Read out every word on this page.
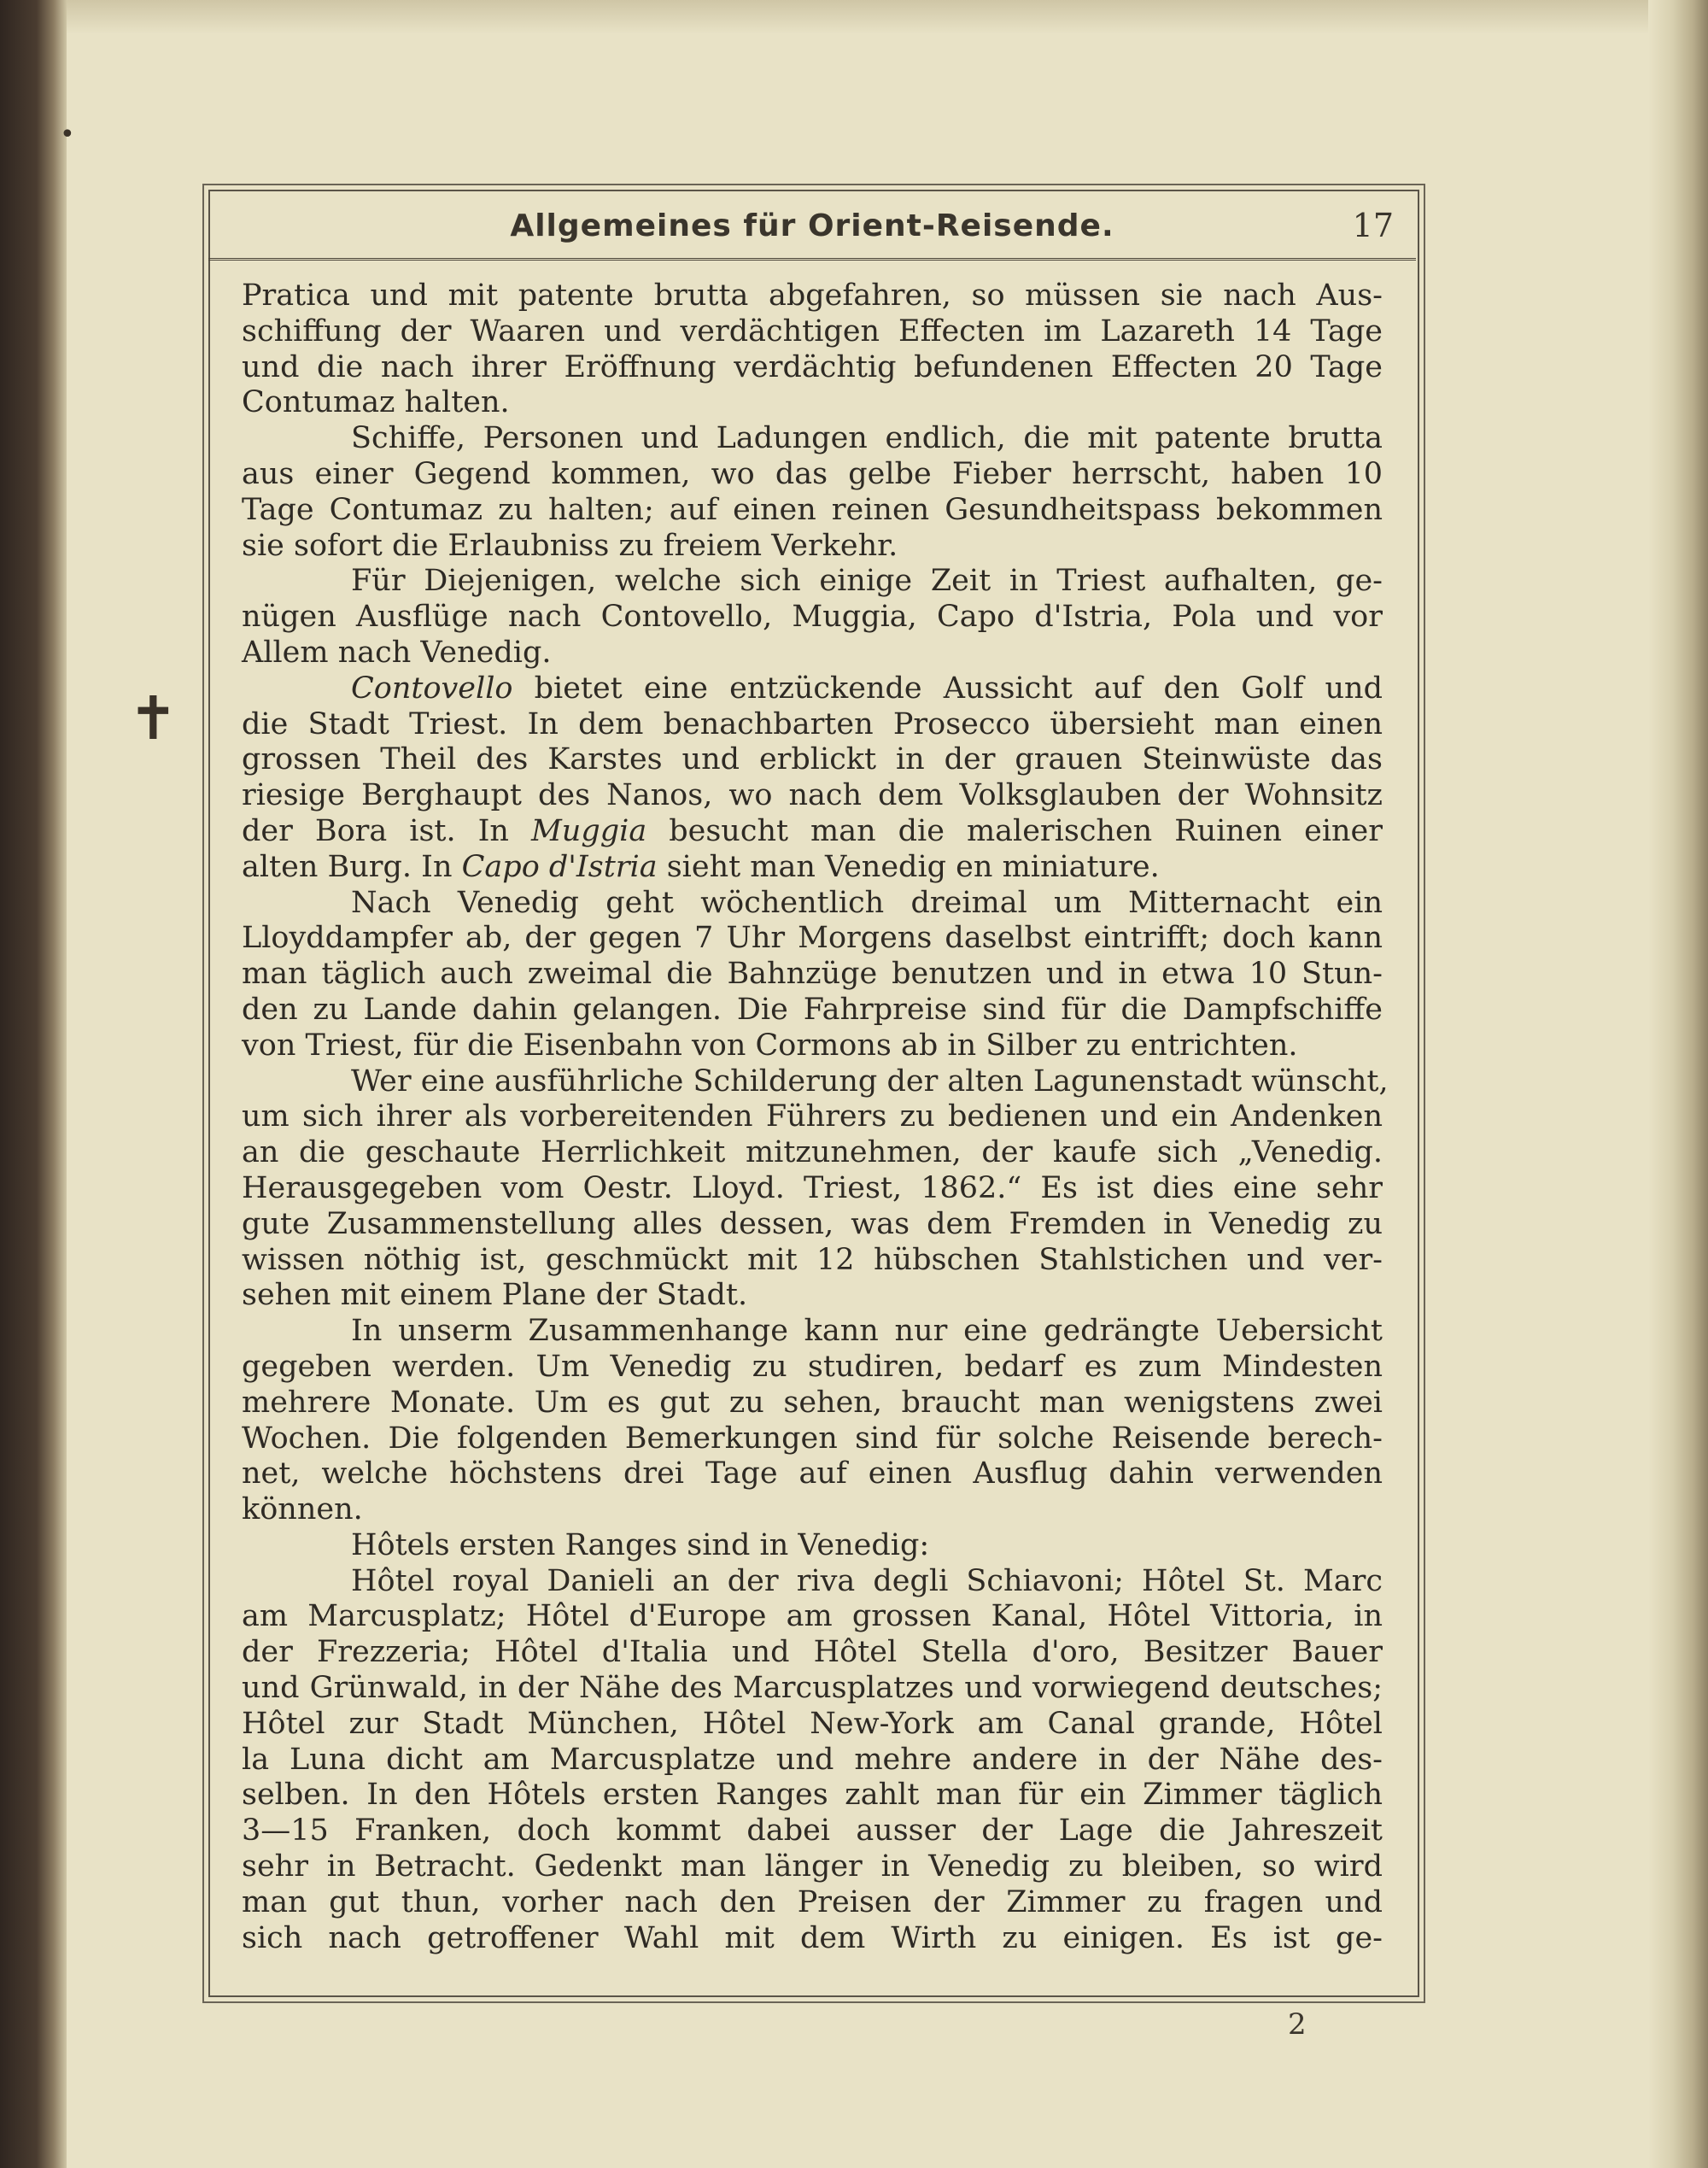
•
✝
Allgemeines für Orient-Reisende.	17
Pratica und mit patente brutta abgefahren, so müssen sie nach Aus-
schiffung der Waaren und verdächtigen Effecten im Lazareth 14 Tage
und die nach ihrer Eröffnung verdächtig befundenen Effecten 20 Tage
Contumaz halten.
Schiffe, Personen und Ladungen endlich, die mit patente brutta
aus einer Gegend kommen, wo das gelbe Fieber herrscht, haben 10
Tage Contumaz zu halten; auf einen reinen Gesundheitspass bekommen
sie sofort die Erlaubniss zu freiem Verkehr.
Für Diejenigen, welche sich einige Zeit in Triest aufhalten, ge-
nügen Ausflüge nach Contovello, Muggia, Capo d'Istria, Pola und vor
Allem nach Venedig.
Contovello bietet eine entzückende Aussicht auf den Golf und
die Stadt Triest. In dem benachbarten Prosecco übersieht man einen
grossen Theil des Karstes und erblickt in der grauen Steinwüste das
riesige Berghaupt des Nanos, wo nach dem Volksglauben der Wohnsitz
der Bora ist. In Muggia besucht man die malerischen Ruinen einer
alten Burg. In Capo d'Istria sieht man Venedig en miniature.
Nach Venedig geht wöchentlich dreimal um Mitternacht ein
Lloyddampfer ab, der gegen 7 Uhr Morgens daselbst eintrifft; doch kann
man täglich auch zweimal die Bahnzüge benutzen und in etwa 10 Stun-
den zu Lande dahin gelangen. Die Fahrpreise sind für die Dampfschiffe
von Triest, für die Eisenbahn von Cormons ab in Silber zu entrichten.
Wer eine ausführliche Schilderung der alten Lagunenstadt wünscht,
um sich ihrer als vorbereitenden Führers zu bedienen und ein Andenken
an die geschaute Herrlichkeit mitzunehmen, der kaufe sich „Venedig.
Herausgegeben vom Oestr. Lloyd. Triest, 1862.“ Es ist dies eine sehr
gute Zusammenstellung alles dessen, was dem Fremden in Venedig zu
wissen nöthig ist, geschmückt mit 12 hübschen Stahlstichen und ver-
sehen mit einem Plane der Stadt.
In unserm Zusammenhange kann nur eine gedrängte Uebersicht
gegeben werden. Um Venedig zu studiren, bedarf es zum Mindesten
mehrere Monate. Um es gut zu sehen, braucht man wenigstens zwei
Wochen. Die folgenden Bemerkungen sind für solche Reisende berech-
net, welche höchstens drei Tage auf einen Ausflug dahin verwenden
können.
Hôtels ersten Ranges sind in Venedig:
Hôtel royal Danieli an der riva degli Schiavoni; Hôtel St. Marc
am Marcusplatz; Hôtel d'Europe am grossen Kanal, Hôtel Vittoria, in
der Frezzeria; Hôtel d'Italia und Hôtel Stella d'oro, Besitzer Bauer
und Grünwald, in der Nähe des Marcusplatzes und vorwiegend deutsches;
Hôtel zur Stadt München, Hôtel New-York am Canal grande, Hôtel
la Luna dicht am Marcusplatze und mehre andere in der Nähe des-
selben. In den Hôtels ersten Ranges zahlt man für ein Zimmer täglich
3—15 Franken, doch kommt dabei ausser der Lage die Jahreszeit
sehr in Betracht. Gedenkt man länger in Venedig zu bleiben, so wird
man gut thun, vorher nach den Preisen der Zimmer zu fragen und
sich nach getroffener Wahl mit dem Wirth zu einigen. Es ist ge-
2
